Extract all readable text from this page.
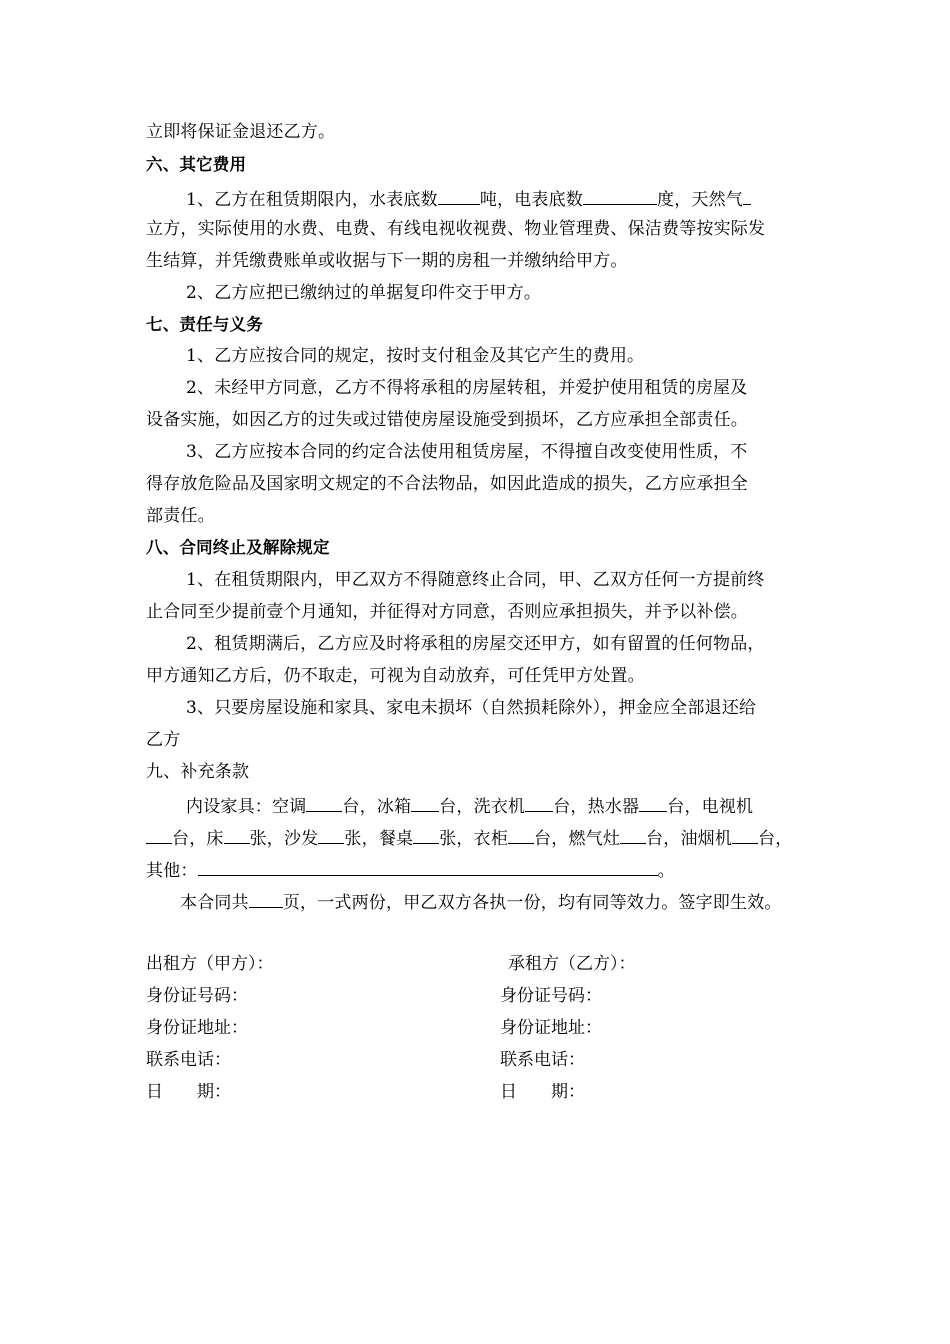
立即将保证金退还乙方。
六、其它费用
1、乙方在租赁期限内，水表底数 吨，电表底数	度，天然气
立方，实际使用的水费、电费、有线电视收视费、物业管理费、保洁费等按实际发
生结算，并凭缴费账单或收据与下一期的房租一并缴纳给甲方。
2、乙方应把已缴纳过的单据复印件交于甲方。
七、责任与义务
1、乙方应按合同的规定，按时支付租金及其它产生的费用。
2、未经甲方同意，乙方不得将承租的房屋转租，并爱护使用租赁的房屋及
设备实施，如因乙方的过失或过错使房屋设施受到损坏，乙方应承担全部责任。
3、乙方应按本合同的约定合法使用租赁房屋，不得擅自改变使用性质，不
得存放危险品及国家明文规定的不合法物品，如因此造成的损失，乙方应承担全
部责任。
八、合同终止及解除规定
1、在租赁期限内，甲乙双方不得随意终止合同，甲、乙双方任何一方提前终
止合同至少提前壹个月通知，并征得对方同意，否则应承担损失，并予以补偿。
2、租赁期满后，乙方应及时将承租的房屋交还甲方，如有留置的任何物品，
甲方通知乙方后，仍不取走，可视为自动放弃，可任凭甲方处置。
3、只要房屋设施和家具、家电未损坏（自然损耗除外），押金应全部退还给
乙方
九、补充条款
内设家具：空调 台，冰箱 台，洗衣机 台，热水器 台，电视机
台，床 张，沙发 张，餐桌 张，衣柜 台，燃气灶 台，油烟机 台，
其他：	。
本合同共 页，一式两份，甲乙双方各执一份，均有同等效力。签字即生效。
出租方（甲方）：
身份证号码：
身份证地址：
联系电话：
日　　期：
承租方（乙方）：
身份证号码：
身份证地址：
联系电话：
日　　期：
